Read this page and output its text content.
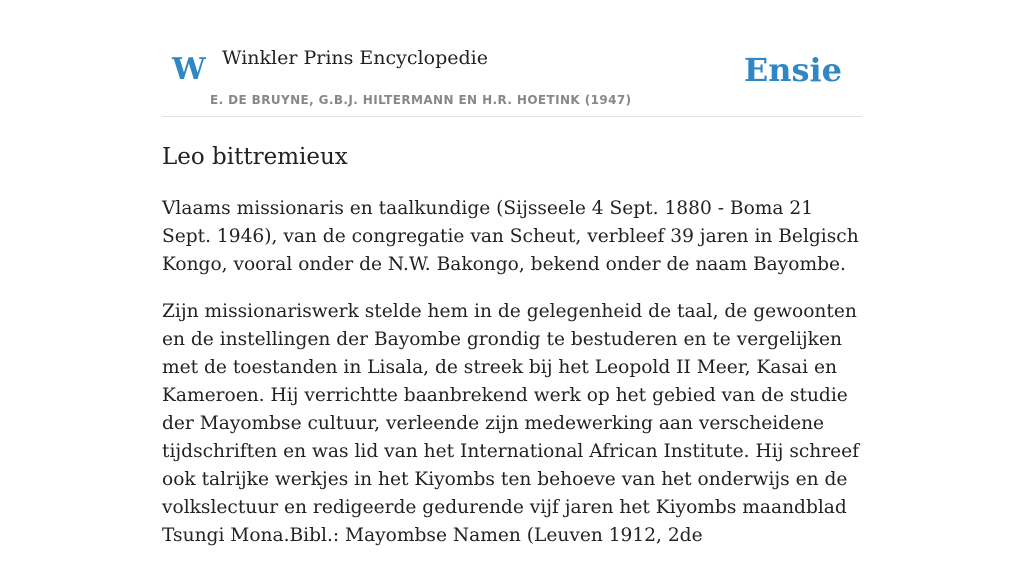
W Winkler Prins Encyclopedie	Ensie
E. DE BRUYNE, G.B.J. HILTERMANN EN H.R. HOETINK (1947)
Leo bittremieux

Vlaams missionaris en taalkundige (Sijsseele 4 Sept. 1880 - Boma 21 Sept. 1946), van de congregatie van Scheut, verbleef 39 jaren in Belgisch Kongo, vooral onder de N.W. Bakongo, bekend onder de naam Bayombe.

Zijn missionariswerk stelde hem in de gelegenheid de taal, de gewoonten en de instellingen der Bayombe grondig te bestuderen en te vergelijken met de toestanden in Lisala, de streek bij het Leopold II Meer, Kasai en Kameroen. Hij verrichtte baanbrekend werk op het gebied van de studie der Mayombse cultuur, verleende zijn medewerking aan verscheidene tijdschriften en was lid van het International African Institute. Hij schreef ook talrijke werkjes in het Kiyombs ten behoeve van het onderwijs en de volkslectuur en redigeerde gedurende vijf jaren het Kiyombs maandblad Tsungi Mona.Bibl.: Mayombse Namen (Leuven 1912, 2de
